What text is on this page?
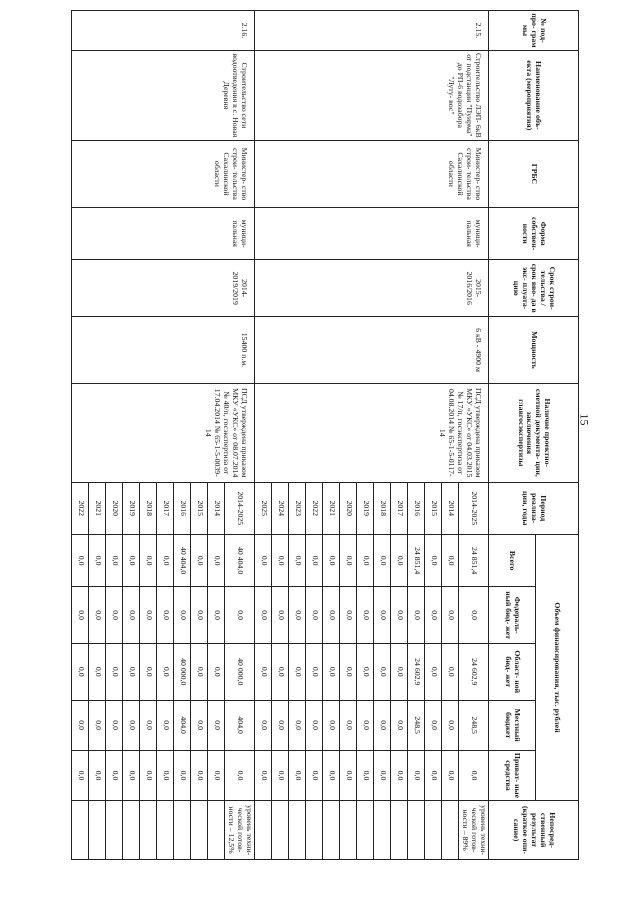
15
№ под- про- грам мы	Наименование объ- екта (мероприятия)	ГРБС	Форма собствен- ности	Срок строи- тельства / срок вво- да в экс- плуата- цию	Мощность	Наличие проектно- сметной документа- ции, заключения главгосэкспертизы	Период реализа- ции, годы	Объем финансирования, тыс. рублей					Непосред- ственный результат (краткое опи- сание)
								Всего	Федераль- ный бюд- жет	Област- ной бюд- жет	Местный бюджет	Приват- ные средства	
2.15.	Строительство ЛЭП- 6кВ от подстанции "Пуирма" до РП-6 водозабора "Луту- вос"	Министер- ство строи- тельства Сахалинской области	муници- пальная	2015- 2016/2016	6 кВ - 4900 м	ПСД утверждена приказом МКУ «УКС» от 04.03.2015 № 17/п, госэкспертиза от 04.08.2014 № 65-1-5-0117-14	2014-2025	24 851,4	0,0	24 602,9	248,5	0,0	уровень техни- ческой готов- ности – 89%
							2014	0,0	0,0	0,0	0,0	0,0	
							2015	0,0	0,0	0,0	0,0	0,0	
							2016	24 851,4	0,0	24 602,9	248,5	0,0	
							2017	0,0	0,0	0,0	0,0	0,0	
							2018	0,0	0,0	0,0	0,0	0,0	
							2019	0,0	0,0	0,0	0,0	0,0	
							2020	0,0	0,0	0,0	0,0	0,0	
							2021	0,0	0,0	0,0	0,0	0,0	
							2022	0,0	0,0	0,0	0,0	0,0	
							2023	0,0	0,0	0,0	0,0	0,0	
							2024	0,0	0,0	0,0	0,0	0,0	
							2025	0,0	0,0	0,0	0,0	0,0	
2.16.	Строительство сети водоотведения в с. Новая Деревня	Министер- ство строи- тельства Сахалинской области	муници- пальная	2014- 2019/2019	15400 п.м.	ПСД утверждена приказом МКУ «УКС» от 08.07.2014 № 40/п, госэкспертиза от 17.04.2014 № 65-1-5-0039-14	2014-2025	40 404,0	0,0	40 000,0	404,0	0,0	уровень техни- ческой готов- ности – 12,5%
							2014	0,0	0,0	0,0	0,0	0,0	
							2015	0,0	0,0	0,0	0,0	0,0	
							2016	40 404,0	0,0	40 000,0	404,0	0,0	
							2017	0,0	0,0	0,0	0,0	0,0	
							2018	0,0	0,0	0,0	0,0	0,0	
							2019	0,0	0,0	0,0	0,0	0,0	
							2020	0,0	0,0	0,0	0,0	0,0	
							2021	0,0	0,0	0,0	0,0	0,0	
							2022	0,0	0,0	0,0	0,0	0,0	
